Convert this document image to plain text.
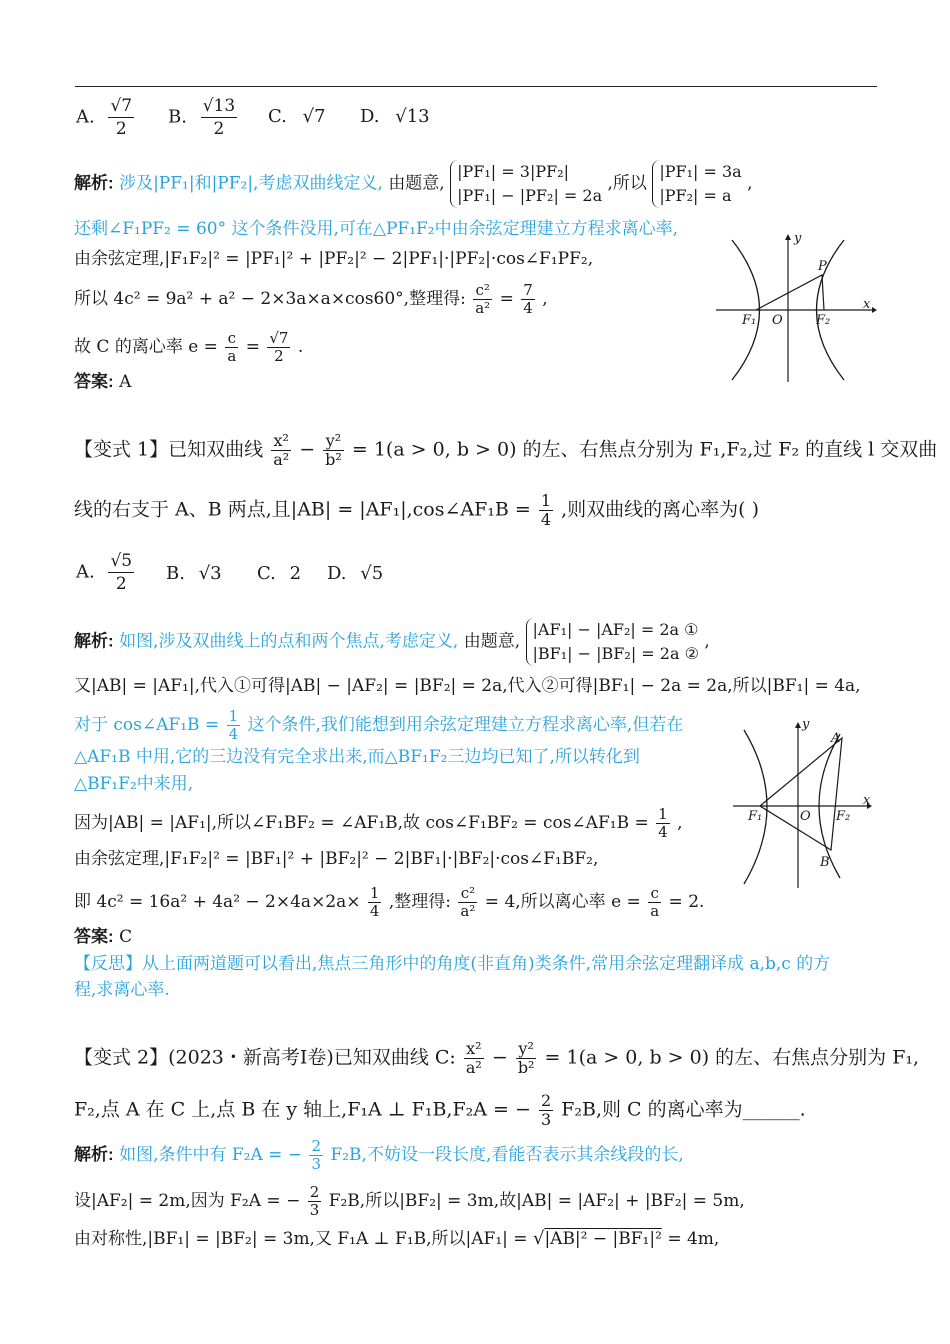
A. $\frac{√7}{2} B$. $\frac{√13}{2} C$. √7 D. √13
解析: 涉及|PF₁|和|PF₂|,考虑双曲线定义, 由题意,
|PF₁| = 3|PF₂|
|PF₁| − |PF₂| = 2a
,所以
|PF₁| = 3a
|PF₂| = a
,
还剩∠F₁PF₂ = 60° 这个条件没用,可在△PF₁F₂中由余弦定理建立方程求离心率,
由余弦定理,|F₁F₂|² = |PF₁|² + |PF₂|² − 2|PF₁|·|PF₂|·cos∠F₁PF₂,
所以 4c² = 9a² + a² − 2×3a×a×cos60°,整理得: $\frac{\text{c²}}{\text{a²}} = \frac{7}{4}$ ,
故 C 的离心率 $e = \frac{c}{a} = \frac{√7}{2}$ .
答案: A
P
y
x
O
F₁	F₂
【变式 1】已知双曲线 $\frac{\text{x²}}{\text{a²}} - \frac{\text{y²}}{\text{b²}} = 1(a > 0$, b > 0) 的左、右焦点分别为 F₁,F₂,过 F₂ 的直线 l 交双曲
线的右支于 A、B 两点,且|AB| = |AF₁|,cos∠AF₁B = $\frac{1}{4}$ ,则双曲线的离心率为( )
A. $\frac{√5}{2} B$. √3 C. 2 D. √5
解析: 如图,涉及双曲线上的点和两个焦点,考虑定义, 由题意,
|AF₁| − |AF₂| = 2a ①
|BF₁| − |BF₂| = 2a ②
,
又|AB| = |AF₁|,代入①可得|AB| − |AF₂| = |BF₂| = 2a,代入②可得|BF₁| − 2a = 2a,所以|BF₁| = 4a,
对于 cos∠AF₁B = $\frac{1}{4}$ 这个条件,我们能想到用余弦定理建立方程求离心率,但若在
△AF₁B 中用,它的三边没有完全求出来,而△BF₁F₂三边均已知了,所以转化到
△BF₁F₂中来用,
因为|AB| = |AF₁|,所以∠F₁BF₂ = ∠AF₁B,故 cos∠F₁BF₂ = cos∠AF₁B = $\frac{1}{4}$ ,
由余弦定理,|F₁F₂|² = |BF₁|² + |BF₂|² − 2|BF₁|·|BF₂|·cos∠F₁BF₂,
即 $4c^2 = 16a^2 + 4a^2 - 2\times 4a\times 2a\times \frac{1}{4}$ ,整理得: $\frac{\text{c²}}{\text{a²}} = 4$,所以离心率 $e = \frac{c}{a} = 2$.
答案: C
【反思】从上面两道题可以看出,焦点三角形中的角度(非直角)类条件,常用余弦定理翻译成 a,b,c 的方
程,求离心率.
A
B
y
x
O
F₁	F₂
【变式 2】(2023・新高考Ⅰ卷)已知双曲线 C: $\frac{\text{x²}}{\text{a²}} - \frac{\text{y²}}{\text{b²}} = 1(a > 0$, b > 0) 的左、右焦点分别为 F₁,
F₂,点 A 在 C 上,点 B 在 y 轴上,F₁A ⊥ F₁B,F₂A = − $\frac{2}{3} F_2B$,则 C 的离心率为______.
解析: 如图,条件中有 F₂A = − $\frac{2}{3} F_2B$,不妨设一段长度,看能否表示其余线段的长,
设|AF₂| = 2m,因为 F₂A = − $\frac{2}{3} F_2B$,所以|BF₂| = 3m,故|AB| = |AF₂| + |BF₂| = 5m,
由对称性,|BF₁| = |BF₂| = 3m,又 F₁A ⊥ F₁B,所以|AF₁| = √|AB|² − |BF₁|² = 4m,
